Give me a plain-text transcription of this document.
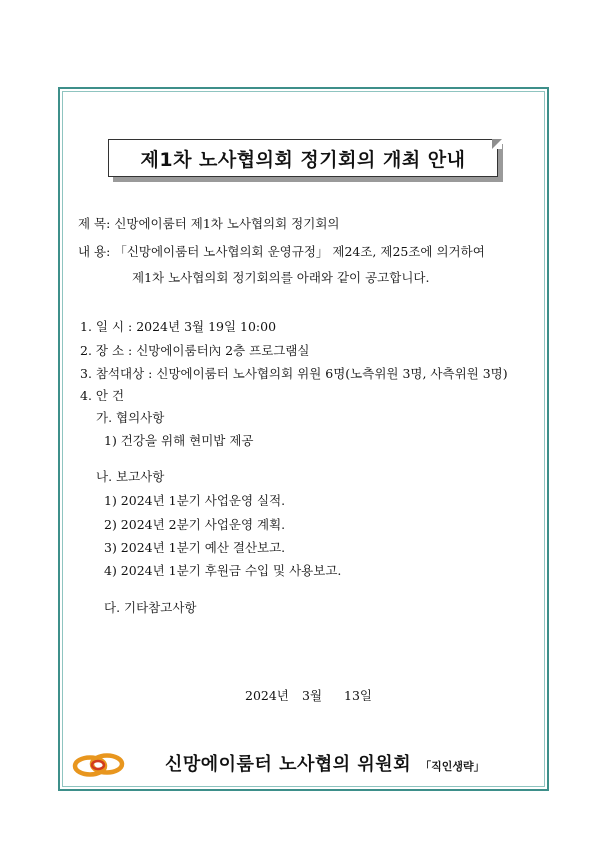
제1차 노사협의회 정기회의 개최 안내
제 목: 신망에이룸터 제1차 노사협의회 정기회의
내 용: 「신망에이룸터 노사협의회 운영규정」 제24조, 제25조에 의거하여
제1차 노사협의회 정기회의를 아래와 같이 공고합니다.
1. 일 시 : 2024년 3월 19일 10:00
2. 장 소 : 신망에이룸터內 2층 프로그램실
3. 참석대상 : 신망에이룸터 노사협의회 위원 6명(노측위원 3명, 사측위원 3명)
4. 안 건
가. 협의사항
1) 건강을 위해 현미밥 제공
나. 보고사항
1) 2024년 1분기 사업운영 실적.
2) 2024년 2분기 사업운영 계획.
3) 2024년 1분기 예산 결산보고.
4) 2024년 1분기 후원금 수입 및 사용보고.
다. 기타참고사항
2024년 3월 13일
신망에이룸터 노사협의 위원회 「직인생략」
